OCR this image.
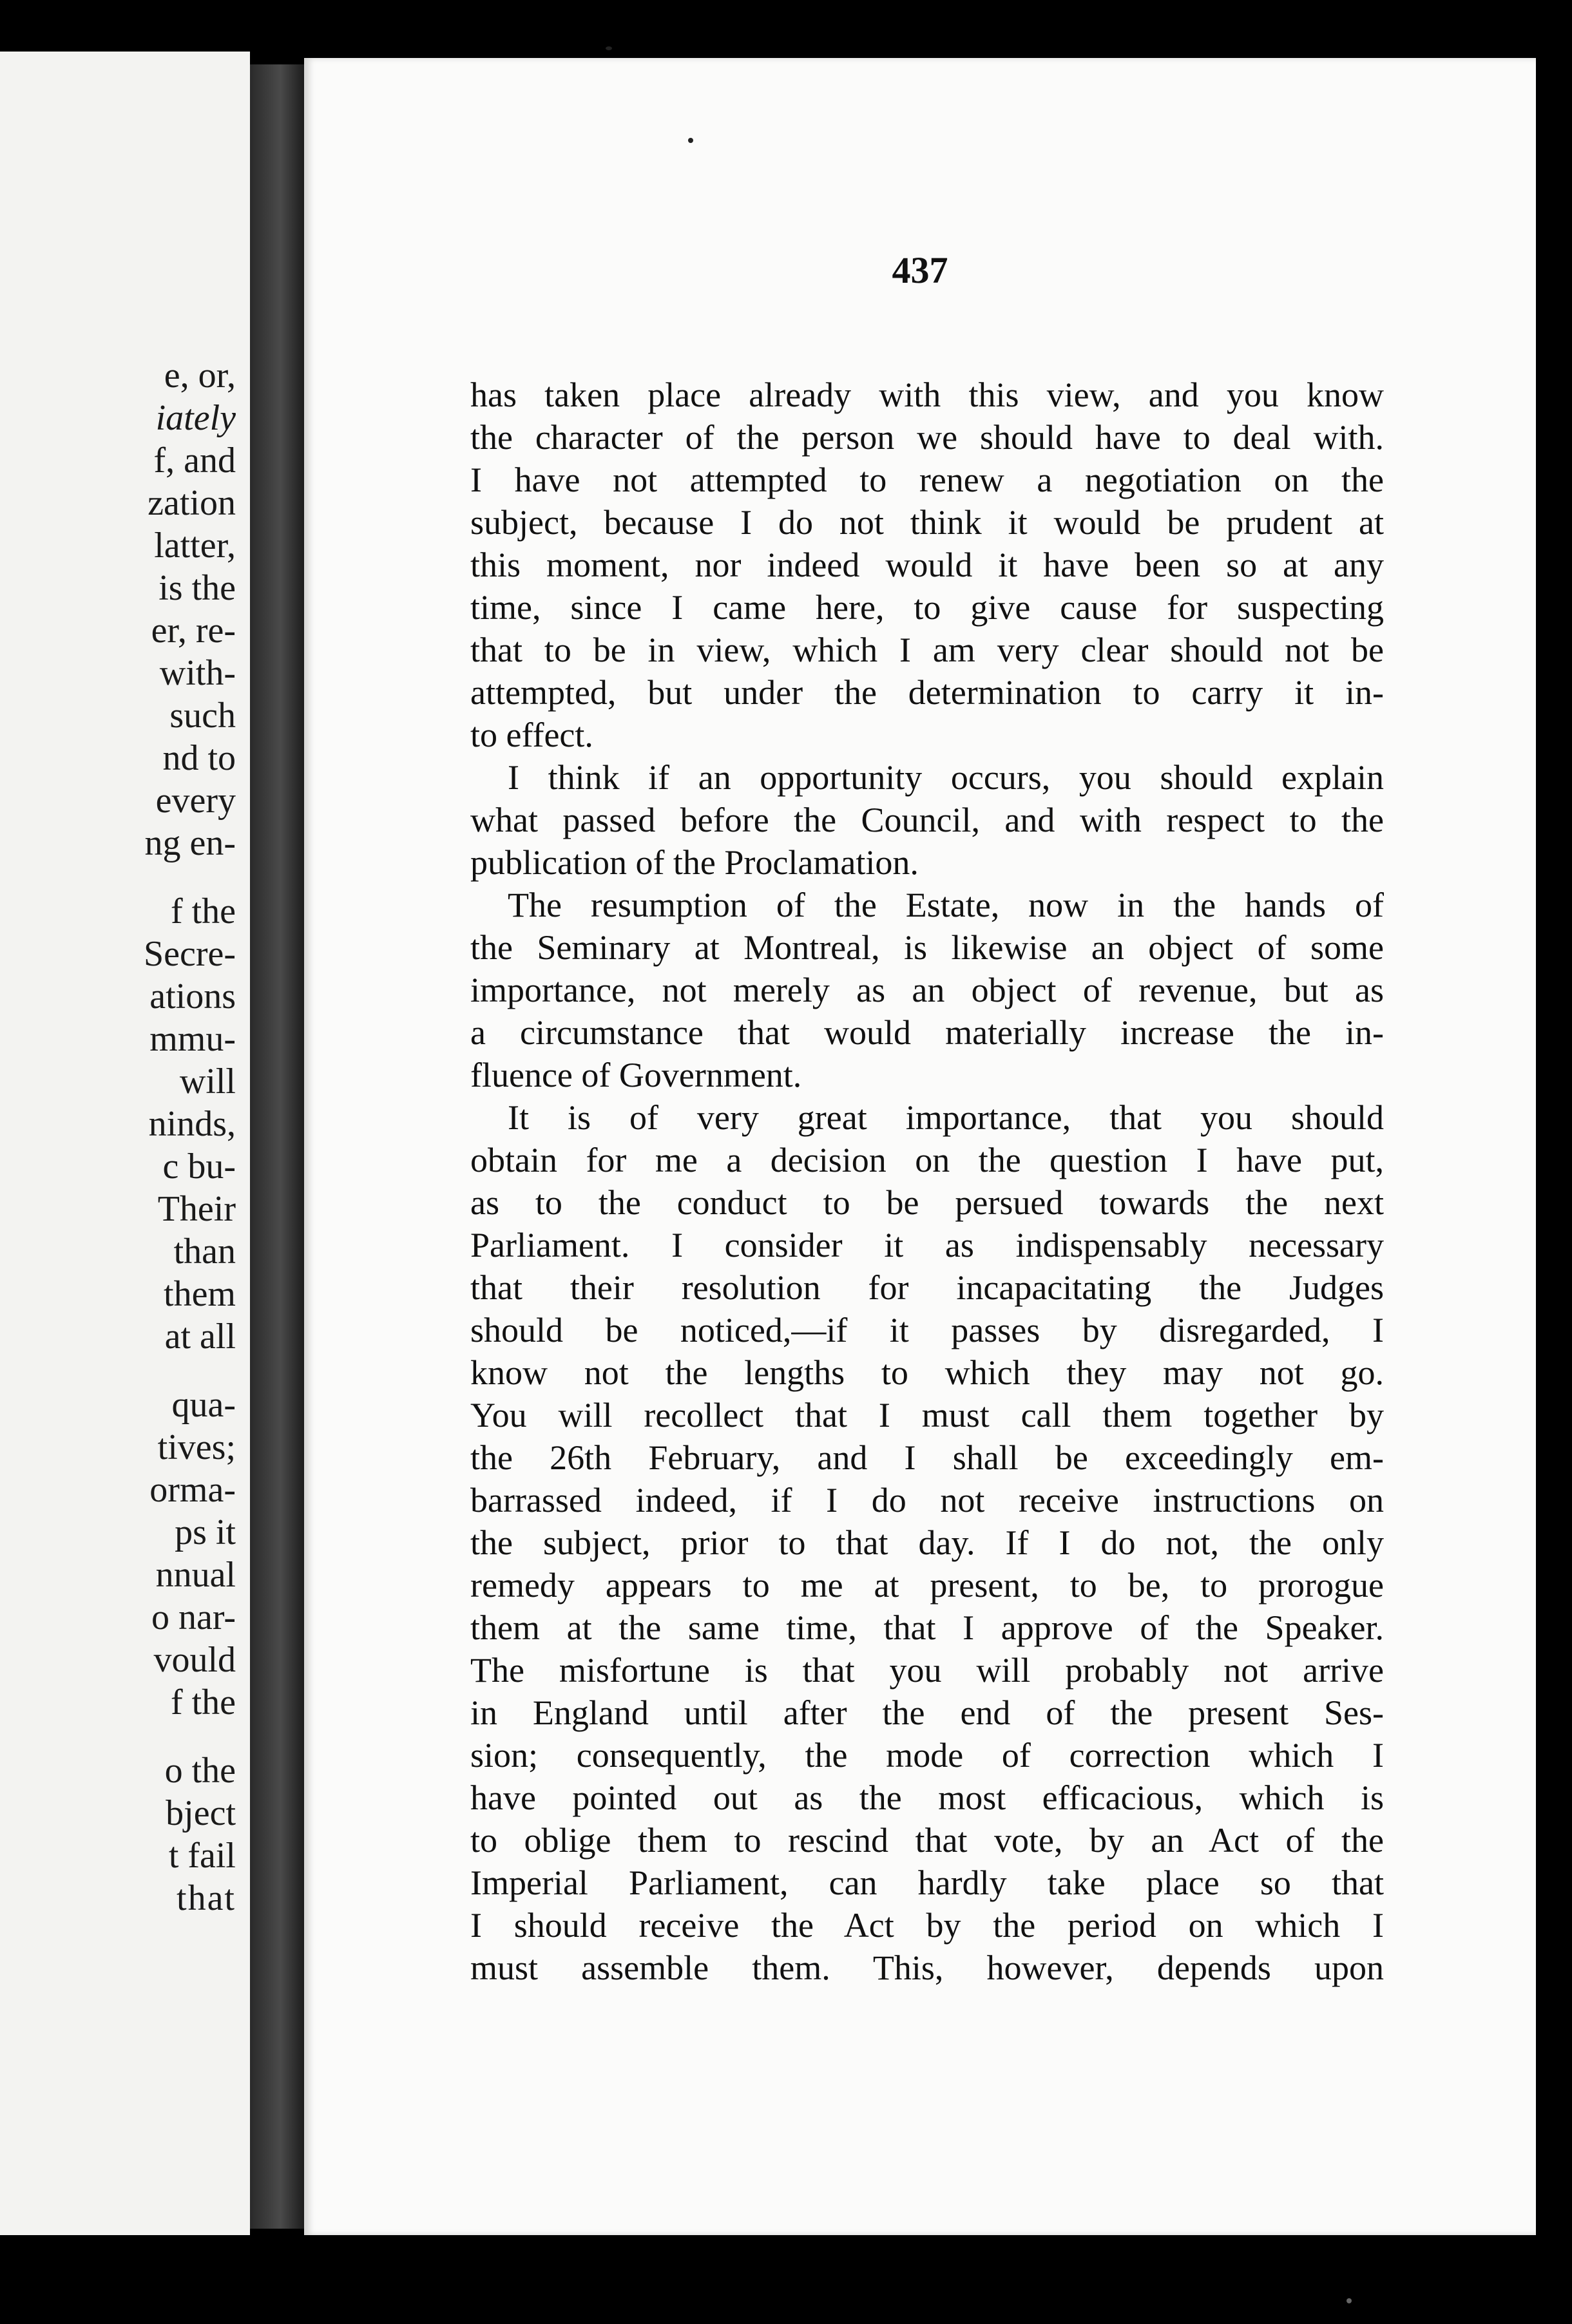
e, or,
iately
f, and
zation
latter,
is the
er, re-
with-
such
nd to
every
ng en-
f the
Secre-
ations
mmu-
will
ninds,
c bu-
Their
than
them
at all
quа-
tives;
orma-
ps it
nnual
o nar-
vould
f the
o the
bject
t fail
that
437
has taken place already with this view, and you know
the character of the person we should have to deal with.
I have not attempted to renew a negotiation on the
subject, because I do not think it would be prudent at
this moment, nor indeed would it have been so at any
time, since I came here, to give cause for suspecting
that to be in view, which I am very clear should not be
attempted, but under the determination to carry it in-
to effect.
I think if an opportunity occurs, you should explain
what passed before the Council, and with respect to the
publication of the Proclamation.
The resumption of the Estate, now in the hands of
the Seminary at Montreal, is likewise an object of some
importance, not merely as an object of revenue, but as
a circumstance that would materially increase the in-
fluence of Government.
It is of very great importance, that you should
obtain for me a decision on the question I have put,
as to the conduct to be persued towards the next
Parliament. I consider it as indispensably necessary
that their resolution for incapacitating the Judges
should be noticed,—if it passes by disregarded, I
know not the lengths to which they may not go.
You will recollect that I must call them together by
the 26th February, and I shall be exceedingly em-
barrassed indeed, if I do not receive instructions on
the subject, prior to that day. If I do not, the only
remedy appears to me at present, to be, to prorogue
them at the same time, that I approve of the Speaker.
The misfortune is that you will probably not arrive
in England until after the end of the present Ses-
sion; consequently, the mode of correction which I
have pointed out as the most efficacious, which is
to oblige them to rescind that vote, by an Act of the
Imperial Parliament, can hardly take place so that
I should receive the Act by the period on which I
must assemble them. This, however, depends upon
